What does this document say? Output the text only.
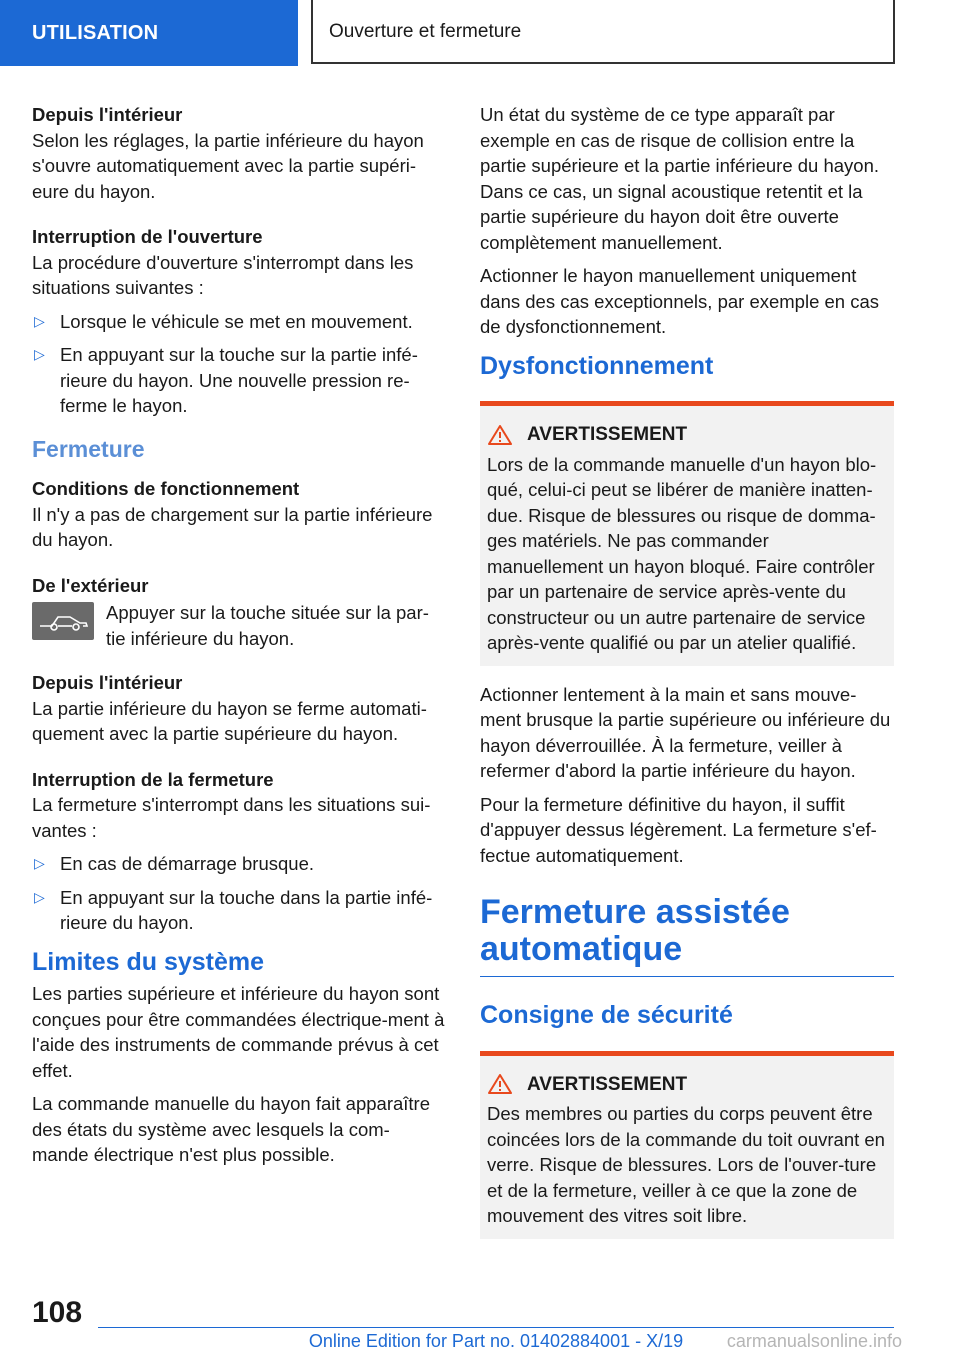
UTILISATION	Ouverture et fermeture

Depuis l'intérieur

Selon les réglages, la partie inférieure du hayon s'ouvre automatiquement avec la partie supéri-eure du hayon.

Interruption de l'ouverture

La procédure d'ouverture s'interrompt dans les situations suivantes :

▷ Lorsque le véhicule se met en mouvement.
▷ En appuyant sur la touche sur la partie infé-rieure du hayon. Une nouvelle pression re-ferme le hayon.
Fermeture

Conditions de fonctionnement

Il n'y a pas de chargement sur la partie inférieure du hayon.

De l'extérieur

Appuyer sur la touche située sur la par-tie inférieure du hayon.

Depuis l'intérieur

La partie inférieure du hayon se ferme automati-quement avec la partie supérieure du hayon.

Interruption de la fermeture

La fermeture s'interrompt dans les situations sui-vantes :

▷ En cas de démarrage brusque.
▷ En appuyant sur la touche dans la partie infé-rieure du hayon.
Limites du système

Les parties supérieure et inférieure du hayon sont conçues pour être commandées électrique-ment à l'aide des instruments de commande prévus à cet effet.

La commande manuelle du hayon fait apparaître des états du système avec lesquels la com-mande électrique n'est plus possible.

Un état du système de ce type apparaît par exemple en cas de risque de collision entre la partie supérieure et la partie inférieure du hayon. Dans ce cas, un signal acoustique retentit et la partie supérieure du hayon doit être ouverte complètement manuellement.

Actionner le hayon manuellement uniquement dans des cas exceptionnels, par exemple en cas de dysfonctionnement.

Dysfonctionnement
AVERTISSEMENT
Lors de la commande manuelle d'un hayon blo-qué, celui-ci peut se libérer de manière inatten-due. Risque de blessures ou risque de domma-ges matériels. Ne pas commander manuellement un hayon bloqué. Faire contrôler par un partenaire de service après-vente du constructeur ou un autre partenaire de service après-vente qualifié ou par un atelier qualifié.

Actionner lentement à la main et sans mouve-ment brusque la partie supérieure ou inférieure du hayon déverrouillée. À la fermeture, veiller à refermer d'abord la partie inférieure du hayon.

Pour la fermeture définitive du hayon, il suffit d'appuyer dessus légèrement. La fermeture s'ef-fectue automatiquement.

Fermeture assistée
automatique
Consigne de sécurité
AVERTISSEMENT
Des membres ou parties du corps peuvent être coincées lors de la commande du toit ouvrant en verre. Risque de blessures. Lors de l'ouver-ture et de la fermeture, veiller à ce que la zone de mouvement des vitres soit libre.
108
Online Edition for Part no. 01402884001 - X/19	carmanualsonline.info
